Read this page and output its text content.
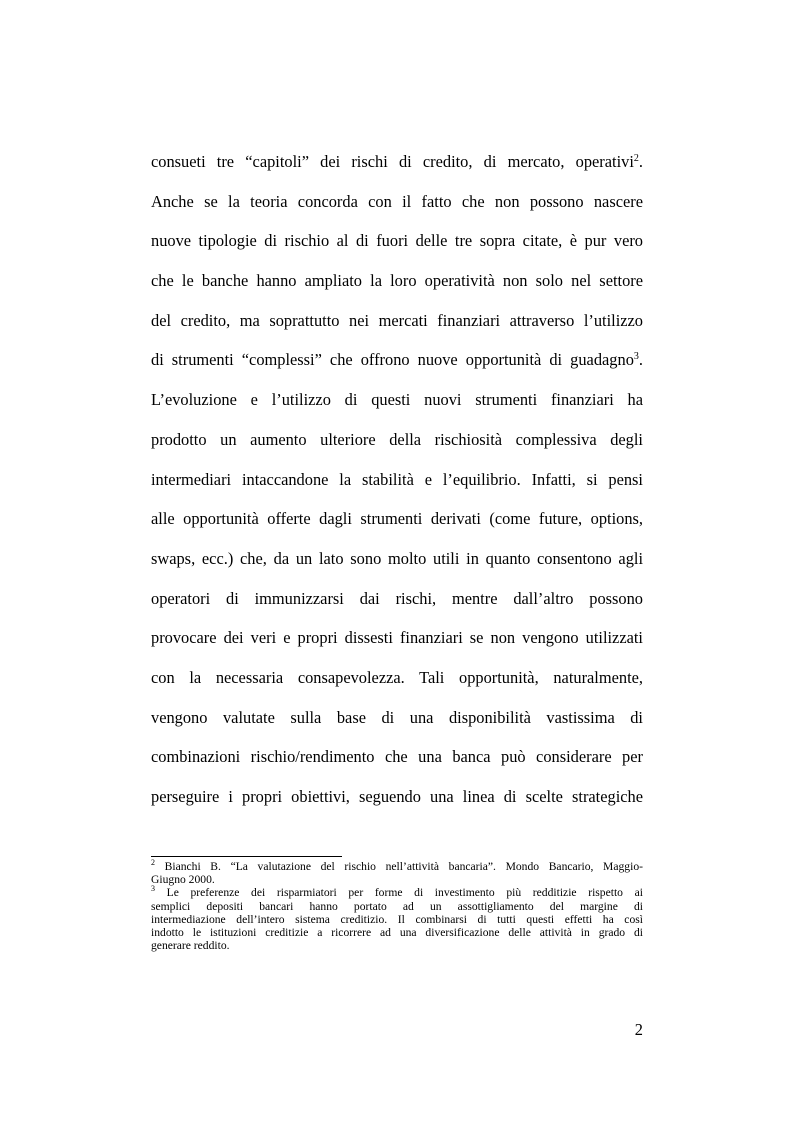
consueti tre “capitoli” dei rischi di credito, di mercato, operativi$^2$.

Anche se la teoria concorda con il fatto che non possono nascere

nuove tipologie di rischio al di fuori delle tre sopra citate, è pur vero

che le banche hanno ampliato la loro operatività non solo nel settore

del credito, ma soprattutto nei mercati finanziari attraverso l’utilizzo

di strumenti “complessi” che offrono nuove opportunità di guadagno$^3$.

L’evoluzione e l’utilizzo di questi nuovi strumenti finanziari ha

prodotto un aumento ulteriore della rischiosità complessiva degli

intermediari intaccandone la stabilità e l’equilibrio. Infatti, si pensi

alle opportunità offerte dagli strumenti derivati (come future, options,

swaps, ecc.) che, da un lato sono molto utili in quanto consentono agli

operatori di immunizzarsi dai rischi, mentre dall’altro possono

provocare dei veri e propri dissesti finanziari se non vengono utilizzati

con la necessaria consapevolezza. Tali opportunità, naturalmente,

vengono valutate sulla base di una disponibilità vastissima di

combinazioni rischio/rendimento che una banca può considerare per

perseguire i propri obiettivi, seguendo una linea di scelte strategiche

$^2$ Bianchi B. “La valutazione del rischio nell’attività bancaria”. Mondo Bancario, Maggio-

Giugno 2000.

$^3$ Le preferenze dei risparmiatori per forme di investimento più redditizie rispetto ai

semplici depositi bancari hanno portato ad un assottigliamento del margine di

intermediazione dell’intero sistema creditizio. Il combinarsi di tutti questi effetti ha così

indotto le istituzioni creditizie a ricorrere ad una diversificazione delle attività in grado di

generare reddito.

2
